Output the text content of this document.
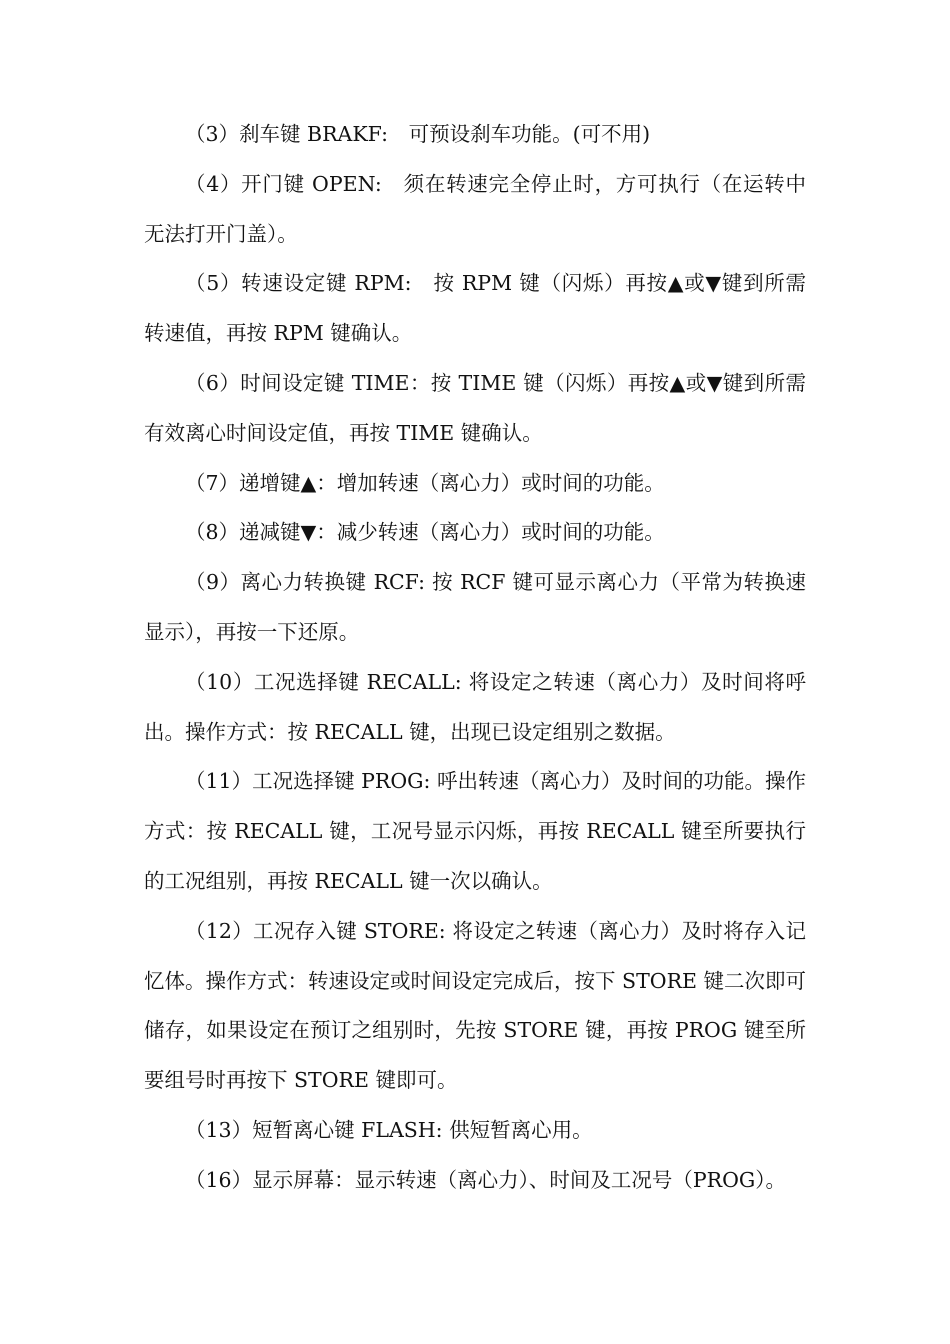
（3）刹车键 BRAKF:　可预设刹车功能。(可不用)

（4）开门键 OPEN:　须在转速完全停止时，方可执行（在运转中无法打开门盖）。

（5）转速设定键 RPM:　按 RPM 键（闪烁）再按▲或▼键到所需转速值，再按 RPM 键确认。

（6）时间设定键 TIME：按 TIME 键（闪烁）再按▲或▼键到所需有效离心时间设定值，再按 TIME 键确认。

（7）递增键▲：增加转速（离心力）或时间的功能。

（8）递减键▼：减少转速（离心力）或时间的功能。

（9）离心力转换键 RCF: 按 RCF 键可显示离心力（平常为转换速显示），再按一下还原。

（10）工况选择键 RECALL: 将设定之转速（离心力）及时间将呼出。操作方式：按 RECALL 键，出现已设定组别之数据。

（11）工况选择键 PROG: 呼出转速（离心力）及时间的功能。操作方式：按 RECALL 键，工况号显示闪烁，再按 RECALL 键至所要执行的工况组别，再按 RECALL 键一次以确认。

（12）工况存入键 STORE: 将设定之转速（离心力）及时将存入记忆体。操作方式：转速设定或时间设定完成后，按下 STORE 键二次即可储存，如果设定在预订之组别时，先按 STORE 键，再按 PROG 键至所要组号时再按下 STORE 键即可。

（13）短暂离心键 FLASH: 供短暂离心用。

（16）显示屏幕：显示转速（离心力）、时间及工况号（PROG）。
